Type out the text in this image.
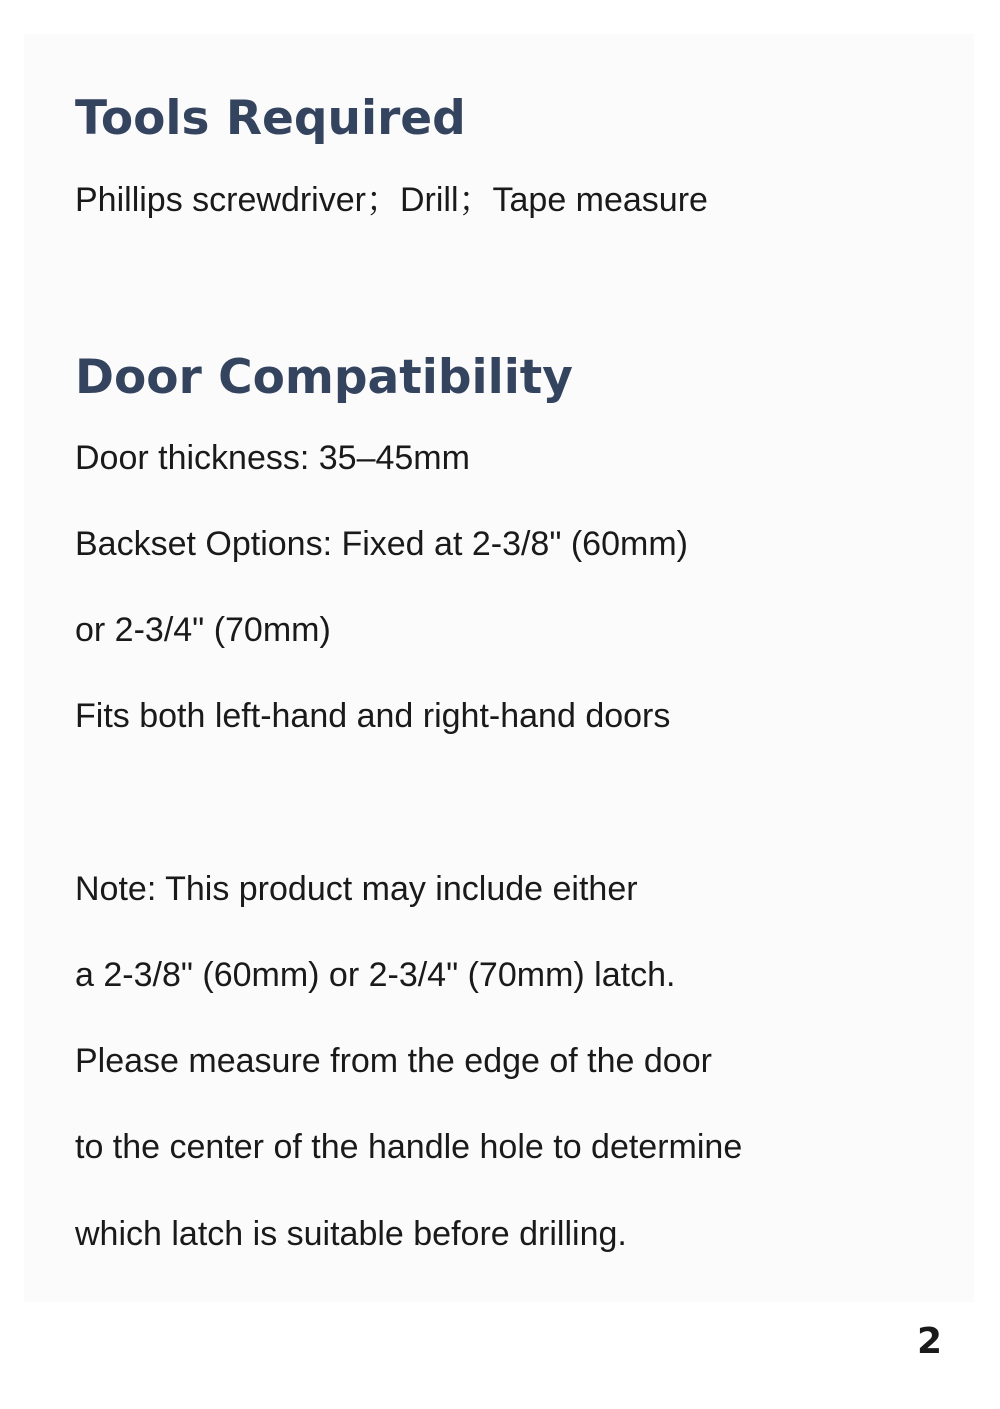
Tools Required

Phillips screwdriver；Drill；Tape measure

Door Compatibility

Door thickness: 35–45mm

Backset Options: Fixed at 2-3/8" (60mm)

or 2-3/4" (70mm)

Fits both left-hand and right-hand doors

Note: This product may include either

a 2-3/8" (60mm) or 2-3/4" (70mm) latch.

Please measure from the edge of the door

to the center of the handle hole to determine

which latch is suitable before drilling.

2
